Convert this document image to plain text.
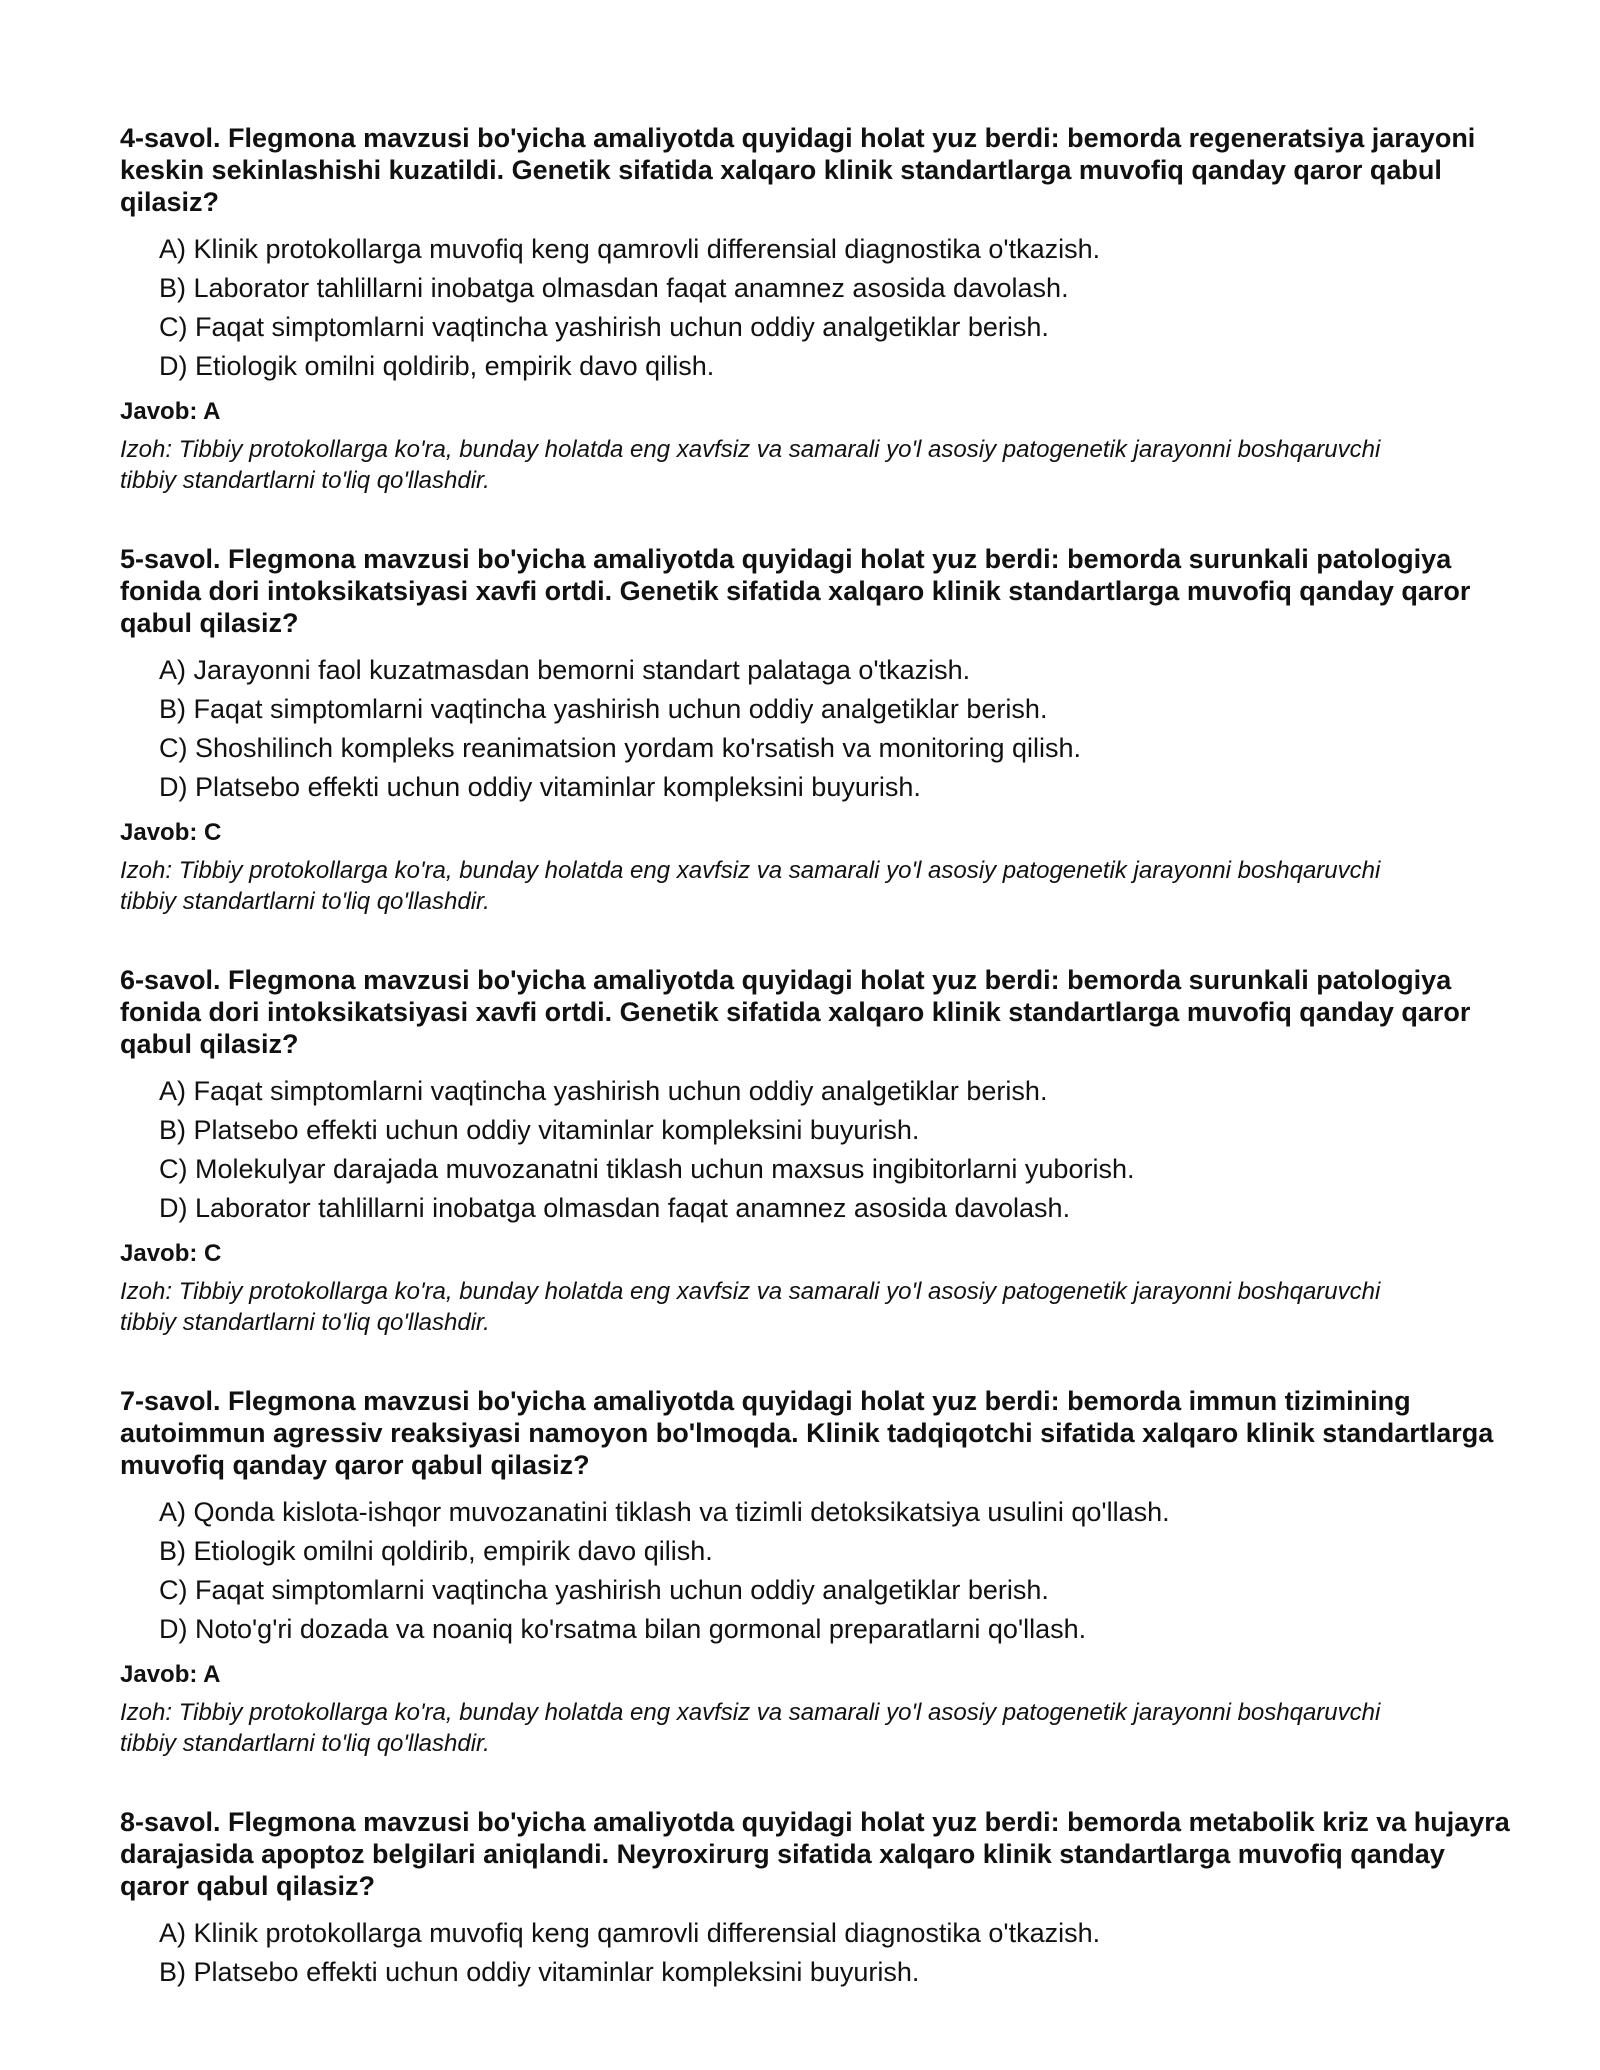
4-savol. Flegmona mavzusi bo'yicha amaliyotda quyidagi holat yuz berdi: bemorda regeneratsiya jarayoni keskin sekinlashishi kuzatildi. Genetik sifatida xalqaro klinik standartlarga muvofiq qanday qaror qabul qilasiz?
A) Klinik protokollarga muvofiq keng qamrovli differensial diagnostika o'tkazish.
B) Laborator tahlillarni inobatga olmasdan faqat anamnez asosida davolash.
C) Faqat simptomlarni vaqtincha yashirish uchun oddiy analgetiklar berish.
D) Etiologik omilni qoldirib, empirik davo qilish.
Javob: A
Izoh: Tibbiy protokollarga ko'ra, bunday holatda eng xavfsiz va samarali yo'l asosiy patogenetik jarayonni boshqaruvchi tibbiy standartlarni to'liq qo'llashdir.
5-savol. Flegmona mavzusi bo'yicha amaliyotda quyidagi holat yuz berdi: bemorda surunkali patologiya fonida dori intoksikatsiyasi xavfi ortdi. Genetik sifatida xalqaro klinik standartlarga muvofiq qanday qaror qabul qilasiz?
A) Jarayonni faol kuzatmasdan bemorni standart palataga o'tkazish.
B) Faqat simptomlarni vaqtincha yashirish uchun oddiy analgetiklar berish.
C) Shoshilinch kompleks reanimatsion yordam ko'rsatish va monitoring qilish.
D) Platsebo effekti uchun oddiy vitaminlar kompleksini buyurish.
Javob: C
Izoh: Tibbiy protokollarga ko'ra, bunday holatda eng xavfsiz va samarali yo'l asosiy patogenetik jarayonni boshqaruvchi tibbiy standartlarni to'liq qo'llashdir.
6-savol. Flegmona mavzusi bo'yicha amaliyotda quyidagi holat yuz berdi: bemorda surunkali patologiya fonida dori intoksikatsiyasi xavfi ortdi. Genetik sifatida xalqaro klinik standartlarga muvofiq qanday qaror qabul qilasiz?
A) Faqat simptomlarni vaqtincha yashirish uchun oddiy analgetiklar berish.
B) Platsebo effekti uchun oddiy vitaminlar kompleksini buyurish.
C) Molekulyar darajada muvozanatni tiklash uchun maxsus ingibitorlarni yuborish.
D) Laborator tahlillarni inobatga olmasdan faqat anamnez asosida davolash.
Javob: C
Izoh: Tibbiy protokollarga ko'ra, bunday holatda eng xavfsiz va samarali yo'l asosiy patogenetik jarayonni boshqaruvchi tibbiy standartlarni to'liq qo'llashdir.
7-savol. Flegmona mavzusi bo'yicha amaliyotda quyidagi holat yuz berdi: bemorda immun tizimining autoimmun agressiv reaksiyasi namoyon bo'lmoqda. Klinik tadqiqotchi sifatida xalqaro klinik standartlarga muvofiq qanday qaror qabul qilasiz?
A) Qonda kislota-ishqor muvozanatini tiklash va tizimli detoksikatsiya usulini qo'llash.
B) Etiologik omilni qoldirib, empirik davo qilish.
C) Faqat simptomlarni vaqtincha yashirish uchun oddiy analgetiklar berish.
D) Noto'g'ri dozada va noaniq ko'rsatma bilan gormonal preparatlarni qo'llash.
Javob: A
Izoh: Tibbiy protokollarga ko'ra, bunday holatda eng xavfsiz va samarali yo'l asosiy patogenetik jarayonni boshqaruvchi tibbiy standartlarni to'liq qo'llashdir.
8-savol. Flegmona mavzusi bo'yicha amaliyotda quyidagi holat yuz berdi: bemorda metabolik kriz va hujayra darajasida apoptoz belgilari aniqlandi. Neyroxirurg sifatida xalqaro klinik standartlarga muvofiq qanday qaror qabul qilasiz?
A) Klinik protokollarga muvofiq keng qamrovli differensial diagnostika o'tkazish.
B) Platsebo effekti uchun oddiy vitaminlar kompleksini buyurish.
